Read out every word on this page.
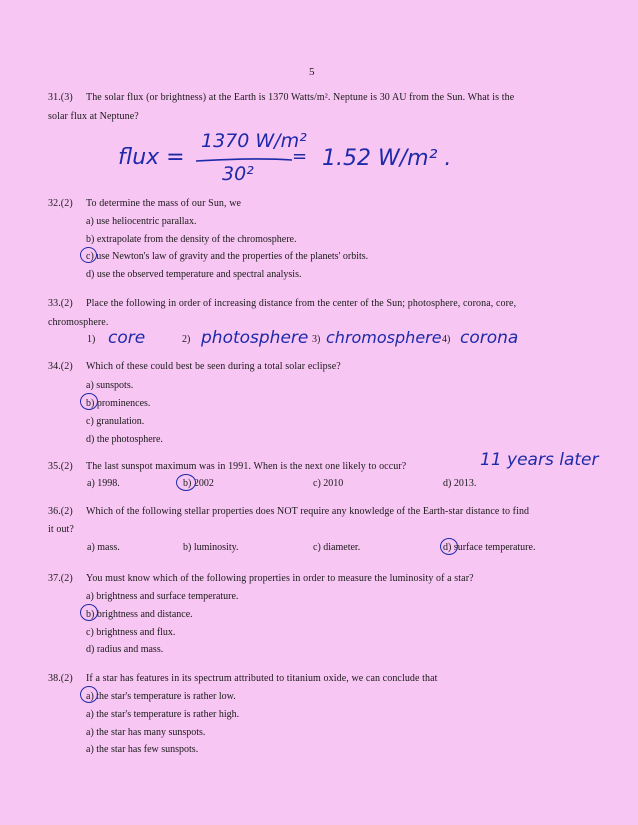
5
31.(3) The solar flux (or brightness) at the Earth is 1370 Watts/m². Neptune is 30 AU from the Sun. What is the
solar flux at Neptune?
flux =
1370 W/m²
30²
= 1.52 W/m² .
32.(2) To determine the mass of our Sun, we
a) use heliocentric parallax.
b) extrapolate from the density of the chromosphere.
c) use Newton's law of gravity and the properties of the planets' orbits.
d) use the observed temperature and spectral analysis.
33.(2) Place the following in order of increasing distance from the center of the Sun; photosphere, corona, core,
chromosphere.
1) core	2) photosphere 3) chromosphere 4) corona
34.(2) Which of these could best be seen during a total solar eclipse?
a) sunspots.
b) prominences.
c) granulation.
d) the photosphere.
35.(2) The last sunspot maximum was in 1991. When is the next one likely to occur?	11 years later
a) 1998.	b) 2002	c) 2010	d) 2013.
36.(2) Which of the following stellar properties does NOT require any knowledge of the Earth-star distance to find
it out?
a) mass.	b) luminosity.	c) diameter.	d) surface temperature.
37.(2) You must know which of the following properties in order to measure the luminosity of a star?
a) brightness and surface temperature.
b) brightness and distance.
c) brightness and flux.
d) radius and mass.
38.(2) If a star has features in its spectrum attributed to titanium oxide, we can conclude that
a) the star's temperature is rather low.
a) the star's temperature is rather high.
a) the star has many sunspots.
a) the star has few sunspots.
